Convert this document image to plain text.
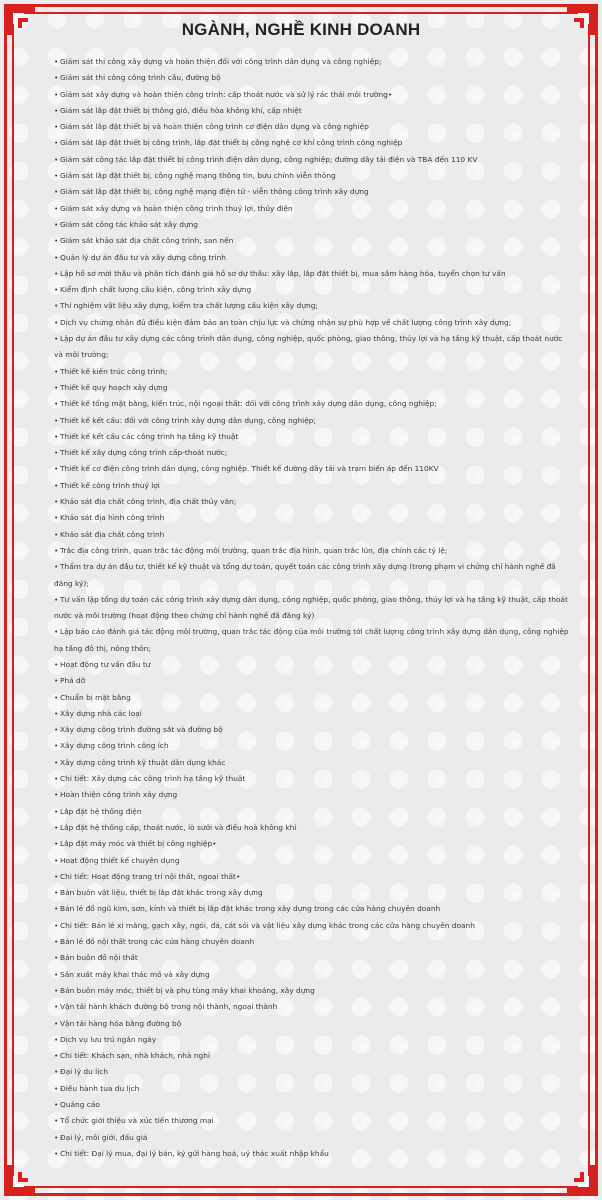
NGÀNH, NGHỀ KINH DOANH
• Giám sát thi công xây dựng và hoàn thiện đối với công trình dân dụng và công nghiệp;
• Giám sát thi công công trình cầu, đường bộ
• Giám sát xây dựng và hoàn thiện công trình: cấp thoát nước và sử lý rác thải môi trường•
• Giám sát lắp đặt thiết bị thông gió, điều hòa không khí, cấp nhiệt
• Giám sát lắp đặt thiết bị và hoàn thiện công trình cơ điện dân dụng và công nghiệp
• Giám sát lắp đặt thiết bị công trình, lắp đặt thiết bị công nghệ cơ khí công trình công nghiệp
• Giám sát công tác lắp đặt thiết bị công trình điện dân dụng, công nghiệp; đường dây tải điện và TBA đến 110 KV
• Giám sát lắp đặt thiết bị, công nghệ mạng thông tin, bưu chính viễn thông
• Giám sát lắp đặt thiết bị, công nghệ mạng điện tử - viễn thông công trình xây dựng
• Giám sát xây dựng và hoàn thiện công trình thuỷ lợi, thủy điện
• Giám sát công tác khảo sát xây dựng
• Giám sát khảo sát địa chất công trình, san nền
• Quản lý dự án đầu tư và xây dựng công trình
• Lập hồ sơ mời thầu và phân tích đánh giá hồ sơ dự thầu: xây lắp, lắp đặt thiết bị, mua sắm hàng hóa, tuyển chọn tư vấn
• Kiểm định chất lượng cấu kiện, công trình xây dựng
• Thí nghiệm vật liệu xây dựng, kiểm tra chất lượng cấu kiện xây dựng;
• Dịch vụ chứng nhận đủ điều kiện đảm bảo an toàn chịu lực và chứng nhận sự phù hợp về chất lượng công trình xây dựng;
• Lập dự án đầu tư xây dựng các công trình dân dụng, công nghiệp, quốc phòng, giao thông, thủy lợi và hạ tầng kỹ thuật, cấp thoát nước và môi trường;
• Thiết kế kiến trúc công trình;
• Thiết kế quy hoạch xây dựng
• Thiết kế tổng mặt bằng, kiến trúc, nội ngoại thất: đối với công trình xây dựng dân dụng, công nghiệp;
• Thiết kế kết cấu: đối với công trình xây dựng dân dụng, công nghiệp;
• Thiết kế kết cấu các công trình hạ tầng kỹ thuật
• Thiết kế xây dựng công trình cấp-thoát nước;
• Thiết kế cơ điện công trình dân dụng, công nghiệp. Thiết kế đường dây tải và trạm biến áp đến 110KV
• Thiết kế công trình thuỷ lợi
• Khảo sát địa chất công trình, địa chất thủy văn;
• Khảo sát địa hình công trình
• Khảo sát địa chất công trình
• Trắc địa công trình, quan trắc tác động môi trường, quan trắc địa hình, quan trắc lún, địa chính các tỷ lệ;
• Thẩm tra dự án đầu tư, thiết kế kỹ thuật và tổng dự toán, quyết toán các công trình xây dựng (trong phạm vi chứng chỉ hành nghề đã đăng ký);
• Tư vấn lập tổng dự toán các công trình xây dựng dân dụng, công nghiệp, quốc phòng, giao thông, thủy lợi và hạ tầng kỹ thuật, cấp thoát nước và môi trường (hoạt động theo chứng chỉ hành nghề đã đăng ký)
• Lập báo cáo đánh giá tác động môi trường, quan trắc tác động của môi trường tới chất lượng công trình xây dựng dân dụng, công nghiệp hạ tầng đô thị, nông thôn;
• Hoạt động tư vấn đầu tư
• Phá dỡ
• Chuẩn bị mặt bằng
• Xây dựng nhà các loại
• Xây dựng công trình đường sắt và đường bộ
• Xây dựng công trình công ích
• Xây dựng công trình kỹ thuật dân dụng khác
• Chi tiết: Xây dựng các công trình hạ tầng kỹ thuật
• Hoàn thiện công trình xây dựng
• Lắp đặt hệ thống điện
• Lắp đặt hệ thống cấp, thoát nước, lò sưởi và điều hoà không khí
• Lắp đặt máy móc và thiết bị công nghiệp•
• Hoạt động thiết kế chuyên dụng
• Chi tiết: Hoạt động trang trí nội thất, ngoại thất•
• Bán buôn vật liệu, thiết bị lắp đặt khác trong xây dựng
• Bán lẻ đồ ngũ kim, sơn, kính và thiết bị lắp đặt khác trong xây dựng trong các cửa hàng chuyên doanh
• Chi tiết: Bán lẻ xi măng, gạch xây, ngói, đá, cát sỏi và vật liệu xây dựng khác trong các cửa hàng chuyên doanh
• Bán lẻ đồ nội thất trong các cửa hàng chuyên doanh
• Bán buôn đồ nội thất
• Sản xuất máy khai thác mỏ và xây dựng
• Bán buôn máy móc, thiết bị và phụ tùng máy khai khoáng, xây dựng
• Vận tải hành khách đường bộ trong nội thành, ngoại thành
• Vận tải hàng hóa bằng đường bộ
• Dịch vụ lưu trú ngắn ngày
• Chi tiết: Khách sạn, nhà khách, nhà nghỉ
• Đại lý du lịch
• Điều hành tua du lịch
• Quảng cáo
• Tổ chức giới thiệu và xúc tiến thương mại
• Đại lý, môi giới, đấu giá
• Chi tiết: Đại lý mua, đại lý bán, ký gửi hàng hoá, uỷ thác xuất nhập khẩu
